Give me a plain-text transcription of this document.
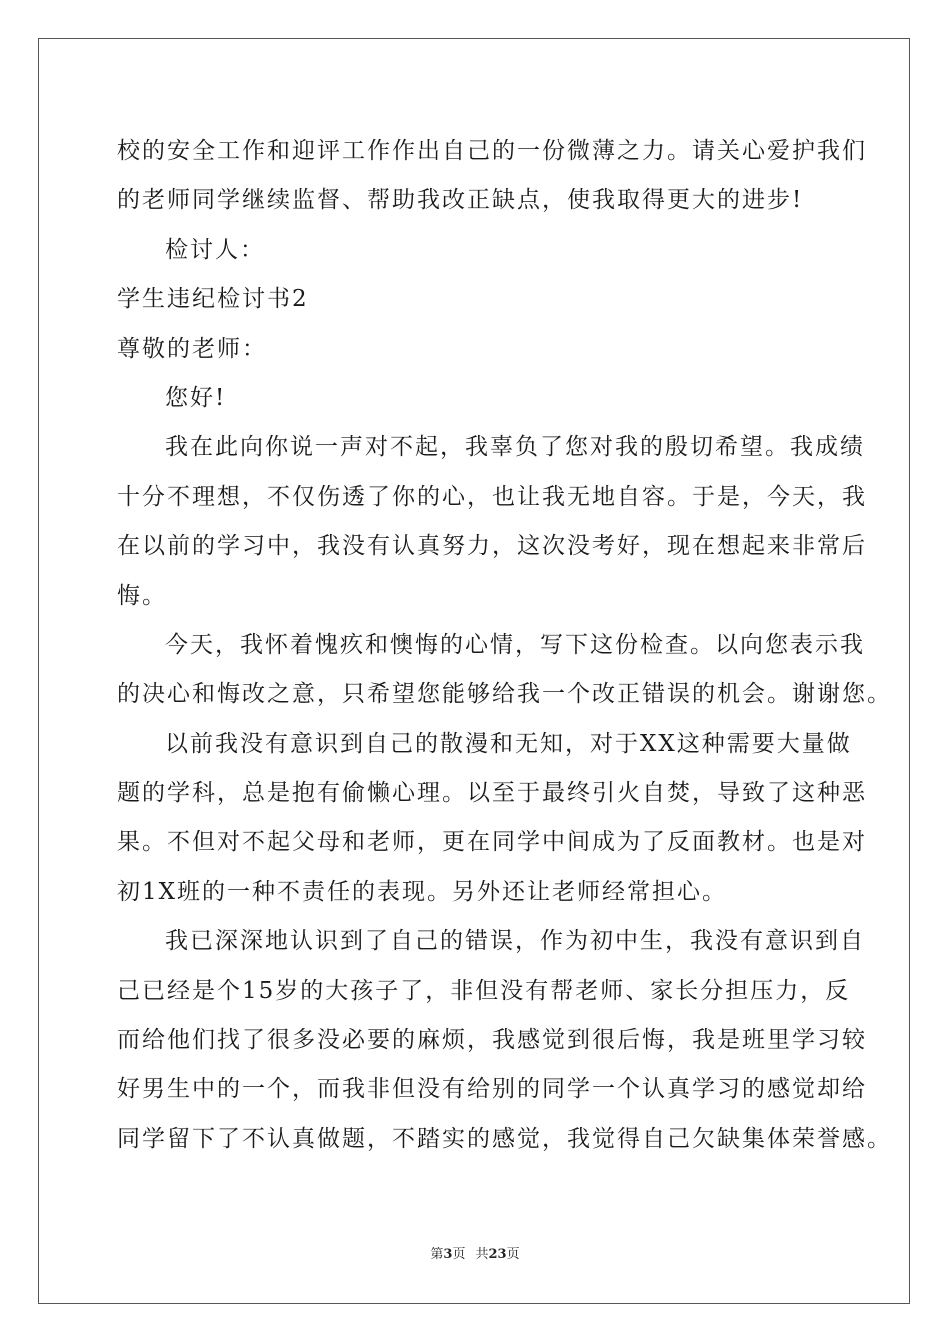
校的安全工作和迎评工作作出自己的一份微薄之力。请关心爱护我们

的老师同学继续监督、帮助我改正缺点，使我取得更大的进步!

检讨人：

学生违纪检讨书2

尊敬的老师：

您好!

我在此向你说一声对不起，我辜负了您对我的殷切希望。我成绩

十分不理想，不仅伤透了你的心，也让我无地自容。于是，今天，我

在以前的学习中，我没有认真努力，这次没考好，现在想起来非常后

悔。

今天，我怀着愧疚和懊悔的心情，写下这份检查。以向您表示我

的决心和悔改之意，只希望您能够给我一个改正错误的机会。谢谢您。

以前我没有意识到自己的散漫和无知，对于XX这种需要大量做

题的学科，总是抱有偷懒心理。以至于最终引火自焚，导致了这种恶

果。不但对不起父母和老师，更在同学中间成为了反面教材。也是对

初1X班的一种不责任的表现。另外还让老师经常担心。

我已深深地认识到了自己的错误，作为初中生，我没有意识到自

己已经是个15岁的大孩子了，非但没有帮老师、家长分担压力，反

而给他们找了很多没必要的麻烦，我感觉到很后悔，我是班里学习较

好男生中的一个，而我非但没有给别的同学一个认真学习的感觉却给

同学留下了不认真做题，不踏实的感觉，我觉得自己欠缺集体荣誉感。

第3页 共23页
